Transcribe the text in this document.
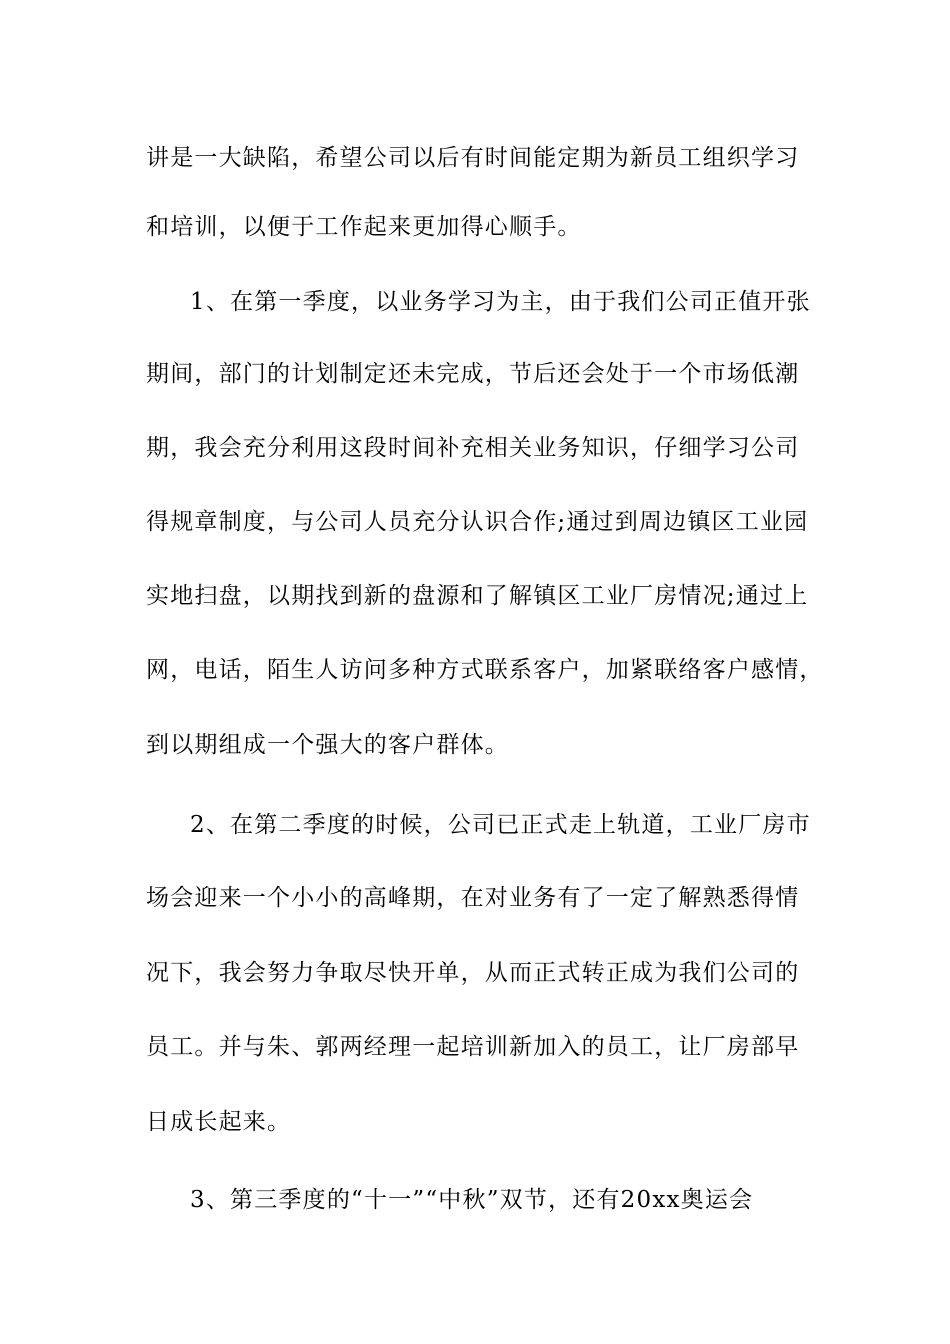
讲是一大缺陷，希望公司以后有时间能定期为新员工组织学习
和培训，以便于工作起来更加得心顺手。
1、在第一季度，以业务学习为主，由于我们公司正值开张
期间，部门的计划制定还未完成，节后还会处于一个市场低潮
期，我会充分利用这段时间补充相关业务知识，仔细学习公司
得规章制度，与公司人员充分认识合作;通过到周边镇区工业园
实地扫盘，以期找到新的盘源和了解镇区工业厂房情况;通过上
网，电话，陌生人访问多种方式联系客户，加紧联络客户感情，
到以期组成一个强大的客户群体。
2、在第二季度的时候，公司已正式走上轨道，工业厂房市
场会迎来一个小小的高峰期，在对业务有了一定了解熟悉得情
况下，我会努力争取尽快开单，从而正式转正成为我们公司的
员工。并与朱、郭两经理一起培训新加入的员工，让厂房部早
日成长起来。
3、第三季度的“十一”“中秋”双节，还有20xx奥运会
